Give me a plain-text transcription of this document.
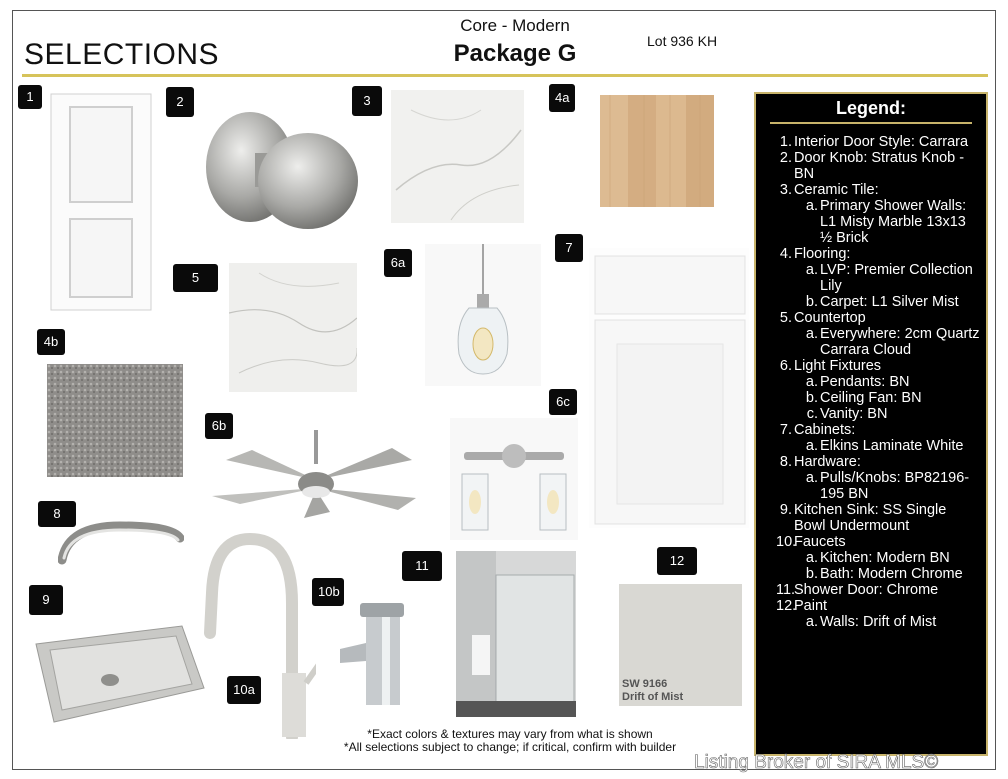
SELECTIONS
Core - Modern
Package G	Lot 936 KH
1	2	3	4a
5
6a
7
4b
6b
6c
8
9
10a
10b
11	12
SW 9166
Drift of Mist
Legend:
1. Interior Door Style: Carrara
2. Door Knob: Stratus Knob - BN
3. Ceramic Tile:
a. Primary Shower Walls: L1 Misty Marble 13x13 ½ Brick
4. Flooring:
a. LVP: Premier Collection Lily
b. Carpet: L1 Silver Mist
5. Countertop
a. Everywhere: 2cm Quartz Carrara Cloud
6. Light Fixtures
a. Pendants: BN
b. Ceiling Fan: BN
c. Vanity: BN
7. Cabinets:
a. Elkins Laminate White
8. Hardware:
a. Pulls/Knobs: BP82196-195 BN
9. Kitchen Sink: SS Single Bowl Undermount
10.
Faucets
a. Kitchen: Modern BN
b. Bath: Modern Chrome
11.
Shower Door: Chrome
12.
Paint
a. Walls: Drift of Mist
*Exact colors & textures may vary from what is shown
*All selections subject to change; if critical, confirm with builder
Listing Broker of SIRA MLS©
